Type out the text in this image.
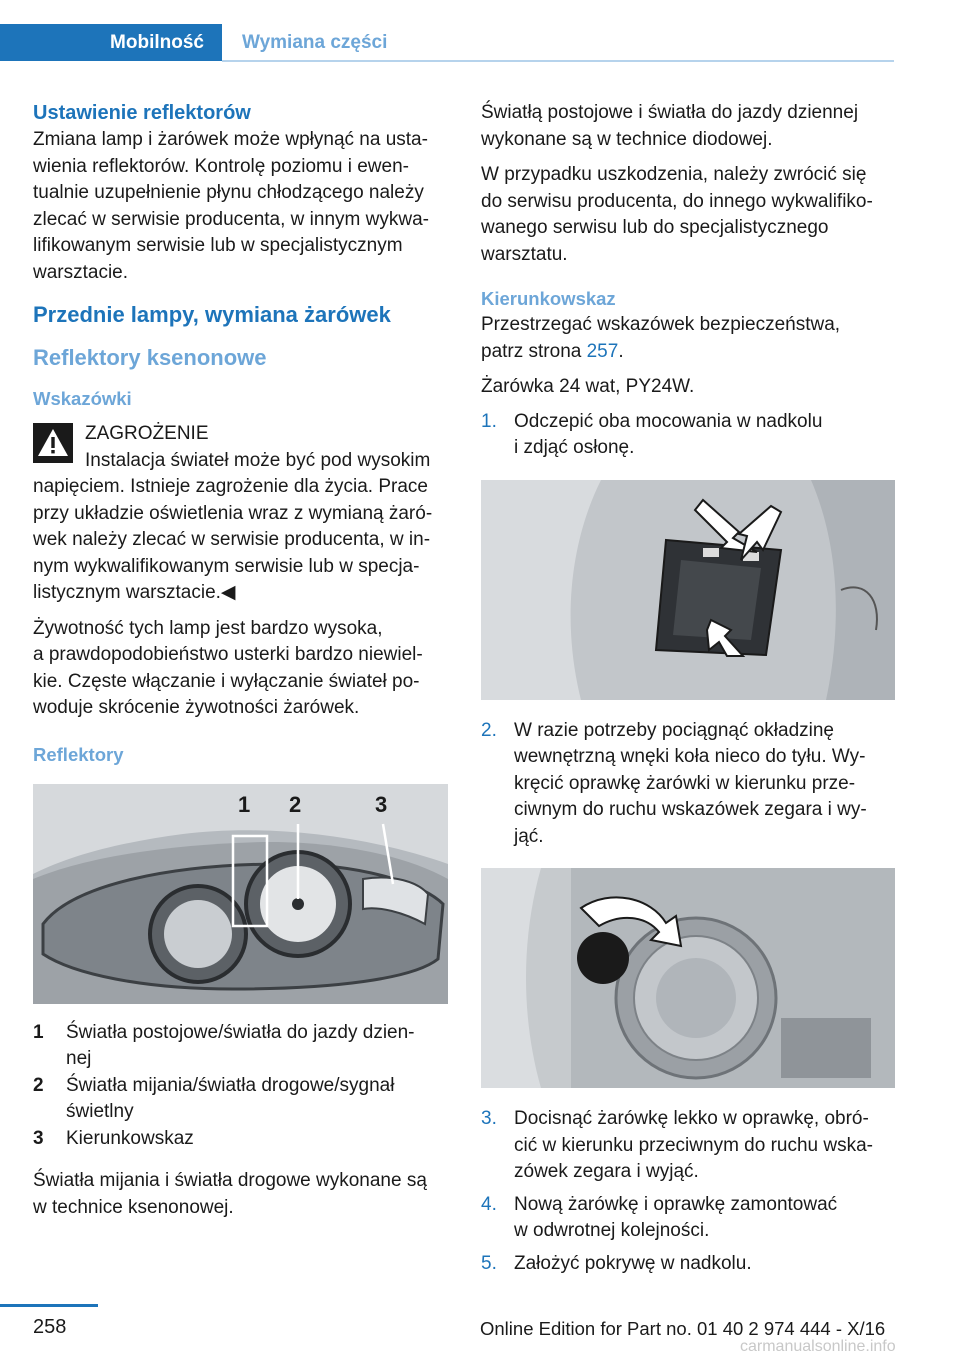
Mobilność	Wymiana części
Ustawienie reflektorów
Zmiana lamp i żarówek może wpłynąć na usta‐
wienia reflektorów. Kontrolę poziomu i ewen‐
tualnie uzupełnienie płynu chłodzącego należy
zlecać w serwisie producenta, w innym wykwa‐
lifikowanym serwisie lub w specjalistycznym
warsztacie.
Przednie lampy, wymiana żarówek
Reflektory ksenonowe
Wskazówki
ZAGROŻENIE
Instalacja świateł może być pod wysokim
napięciem. Istnieje zagrożenie dla życia. Prace
przy układzie oświetlenia wraz z wymianą żaró‐
wek należy zlecać w serwisie producenta, w in‐
nym wykwalifikowanym serwisie lub w specja‐
listycznym warsztacie.◀

Żywotność tych lamp jest bardzo wysoka,
a prawdopodobieństwo usterki bardzo niewiel‐
kie. Częste włączanie i wyłączanie świateł po‐
woduje skrócenie żywotności żarówek.

Reflektory
1 2	3
1	Światła postojowe/światła do jazdy dzien‐
nej
2	Światła mijania/światła drogowe/sygnał
świetlny
3	Kierunkowskaz

Światła mijania i światła drogowe wykonane są
w technice ksenonowej.

Światłą postojowe i światła do jazdy dziennej
wykonane są w technice diodowej.

W przypadku uszkodzenia, należy zwrócić się
do serwisu producenta, do innego wykwalifiko‐
wanego serwisu lub do specjalistycznego
warsztatu.

Kierunkowskaz
Przestrzegać wskazówek bezpieczeństwa,
patrz strona 257.

Żarówka 24 wat, PY24W.

1. Odczepić oba mocowania w nadkolu
i zdjąć osłonę.
2. W razie potrzeby pociągnąć okładzinę
wewnętrzną wnęki koła nieco do tyłu. Wy‐
kręcić oprawkę żarówki w kierunku prze‐
ciwnym do ruchu wskazówek zegara i wy‐
jąć.
3. Docisnąć żarówkę lekko w oprawkę, obró‐
cić w kierunku przeciwnym do ruchu wska‐
zówek zegara i wyjąć.
4. Nową żarówkę i oprawkę zamontować
w odwrotnej kolejności.
5. Założyć pokrywę w nadkolu.
258	Online Edition for Part no. 01 40 2 974 444 - X/16
carmanualsonline.info
